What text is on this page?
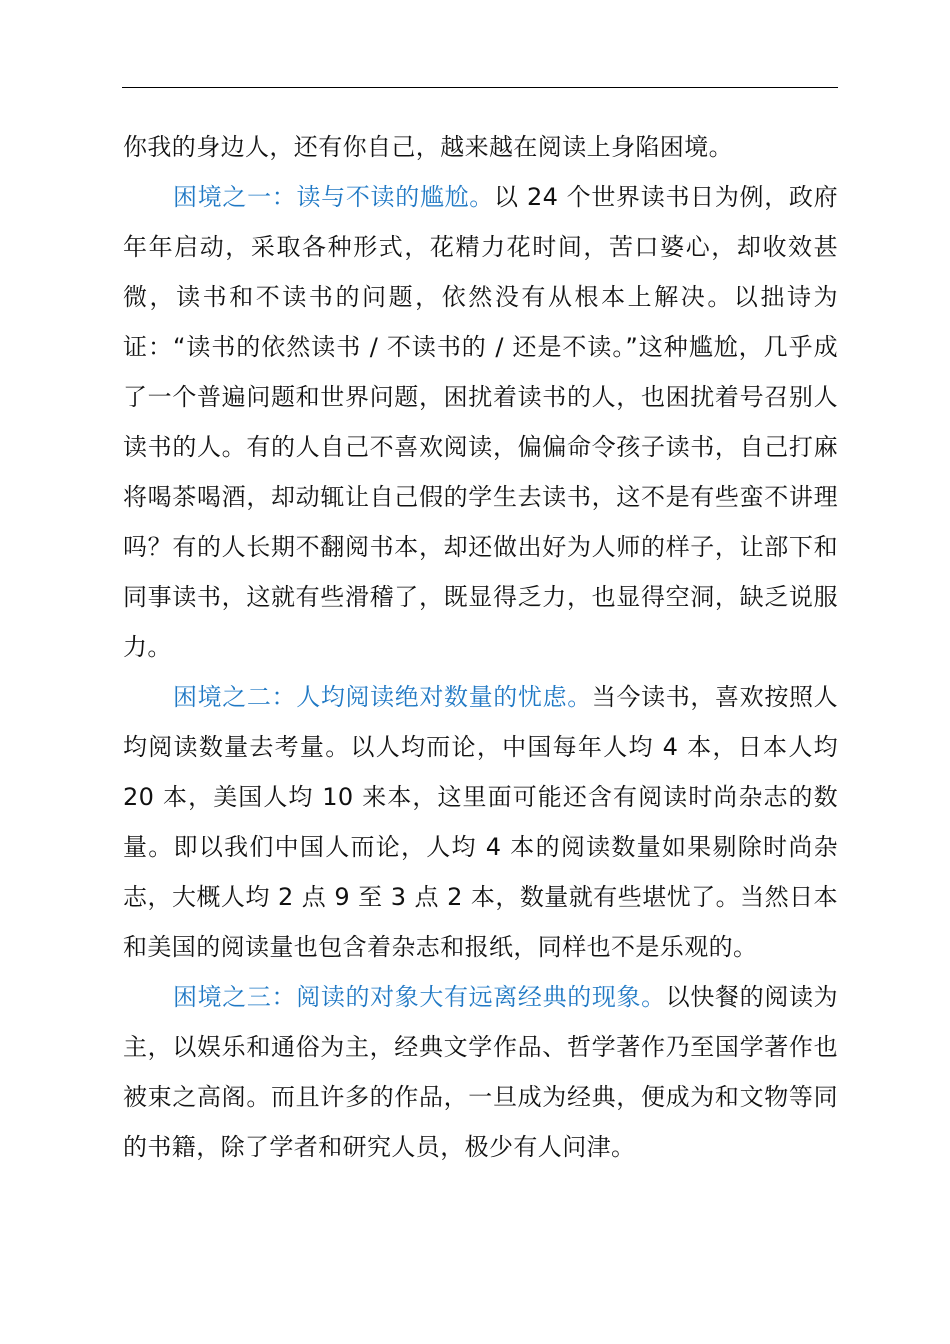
你我的身边人，还有你自己，越来越在阅读上身陷困境。

困境之一：读与不读的尴尬。以 24 个世界读书日为例，政府年年启动，采取各种形式，花精力花时间，苦口婆心，却收效甚微，读书和不读书的问题，依然没有从根本上解决。以拙诗为证：“读书的依然读书 / 不读书的 / 还是不读。”这种尴尬，几乎成了一个普遍问题和世界问题，困扰着读书的人，也困扰着号召别人读书的人。有的人自己不喜欢阅读，偏偏命令孩子读书，自己打麻将喝茶喝酒，却动辄让自己假的学生去读书，这不是有些蛮不讲理吗？有的人长期不翻阅书本，却还做出好为人师的样子，让部下和同事读书，这就有些滑稽了，既显得乏力，也显得空洞，缺乏说服力。

困境之二：人均阅读绝对数量的忧虑。当今读书，喜欢按照人均阅读数量去考量。以人均而论，中国每年人均 4 本，日本人均 20 本，美国人均 10 来本，这里面可能还含有阅读时尚杂志的数量。即以我们中国人而论，人均 4 本的阅读数量如果剔除时尚杂志，大概人均 2 点 9 至 3 点 2 本，数量就有些堪忧了。当然日本和美国的阅读量也包含着杂志和报纸，同样也不是乐观的。

困境之三：阅读的对象大有远离经典的现象。以快餐的阅读为主，以娱乐和通俗为主，经典文学作品、哲学著作乃至国学著作也被束之高阁。而且许多的作品，一旦成为经典，便成为和文物等同的书籍，除了学者和研究人员，极少有人问津。
